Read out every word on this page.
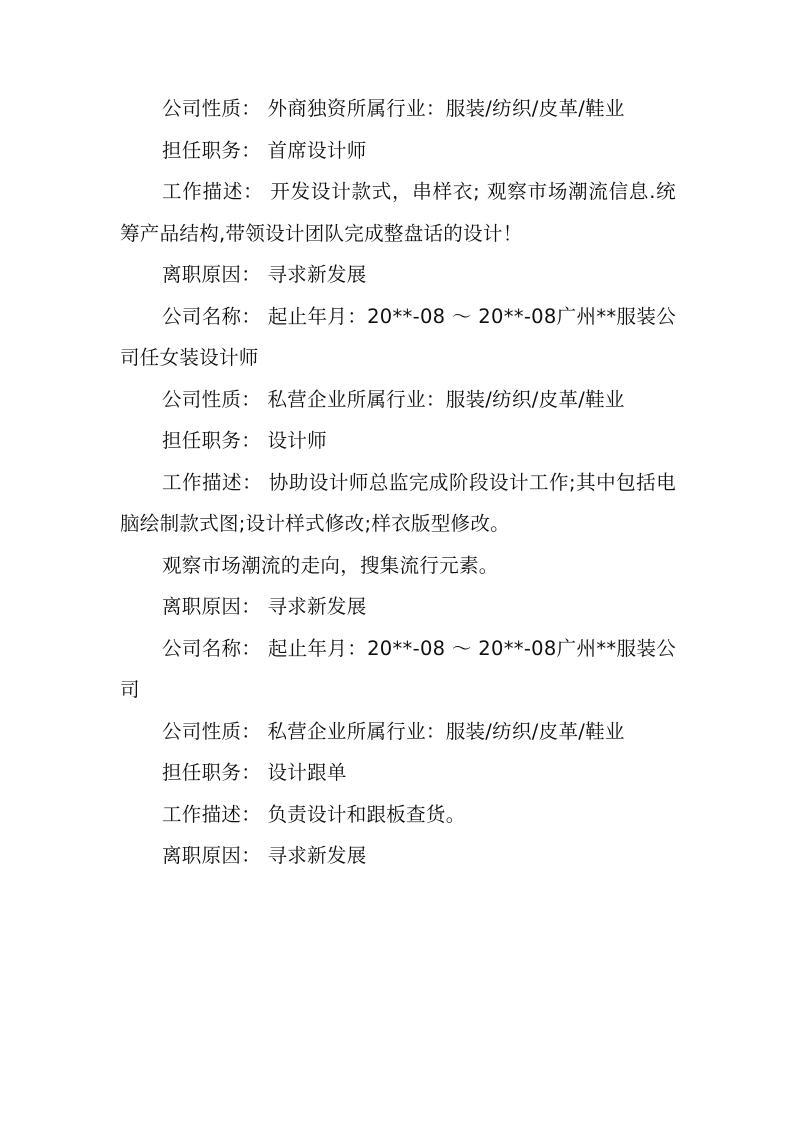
公司性质： 外商独资所属行业：服装/纺织/皮革/鞋业

担任职务： 首席设计师

工作描述： 开发设计款式，串样衣; 观察市场潮流信息.统筹产品结构,带领设计团队完成整盘话的设计！

离职原因： 寻求新发展

公司名称： 起止年月：20**-08 ～ 20**-08广州**服装公司任女装设计师

公司性质： 私营企业所属行业：服装/纺织/皮革/鞋业

担任职务： 设计师

工作描述： 协助设计师总监完成阶段设计工作;其中包括电脑绘制款式图;设计样式修改;样衣版型修改。

观察市场潮流的走向，搜集流行元素。

离职原因： 寻求新发展

公司名称： 起止年月：20**-08 ～ 20**-08广州**服装公司

公司性质： 私营企业所属行业：服装/纺织/皮革/鞋业

担任职务： 设计跟单

工作描述： 负责设计和跟板查货。

离职原因： 寻求新发展
